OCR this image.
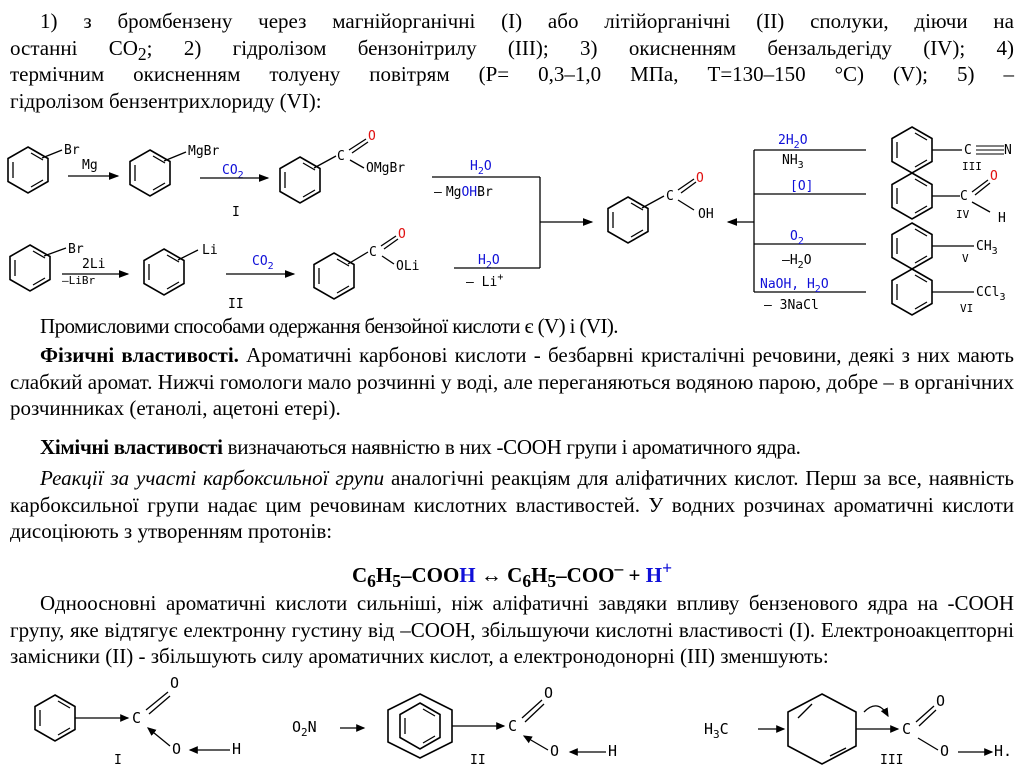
1) з бромбензену через магнійорганічні (I) або літійорганічні (II) сполуки, діючи на

останні $CO_2$; 2) гідролізом бензонітрилу (III); 3) окисненням бензальдегіду (IV); 4)

термічним окисненням толуену повітрям (P= 0,3–1,0 МПа, T=130–150 °C) (V); 5) –

гідролізом бензентрихлориду (VI):

Br
Mg
MgBr
$CO_2$
C
O
OMgBr
I
$H_2O$
– MgOHBr
Br
2Li
–LiBr
Li
$CO_2$
II
C
O
OLi	$H_2O$
– Li+
C
O
OH
$2H_2O$
$NH_3$
[O]
$O_2$
$-H_2O$
NaOH, $H_2O$
– 3NaCl
C N
III
C
O
H
IV
$CH_3$
V
CCl$_3$
VI

Промисловими способами одержання бензойної кислоти є (V) і (VI).

Фізичні властивості. Ароматичні карбонові кислоти - безбарвні кристалічні речовини, деякі з них мають слабкий аромат. Нижчі гомологи мало розчинні у воді, але переганяються водяною парою, добре – в органічних розчинниках (етанолі, ацетоні етері).

Хімічні властивості визначаються наявністю в них -COOH групи і ароматичного ядра.

Реакції за участі карбоксильної групи аналогічні реакціям для аліфатичних кислот. Перш за все, наявність карбоксильної групи надає цим речовинам кислотних властивостей. У водних розчинах ароматичні кислоти дисоціюють з утворенням протонів:

$C_6H_5$–COOH ↔ $C_6H_5-COO^- + H^+$

Одноосновні ароматичні кислоти сильніші, ніж аліфатичні завдяки впливу бензенового ядра на -COOH групу, яке відтягує електронну густину від –COOH, збільшуючи кислотні властивості (I). Електроноакцепторні замісники (II) - збільшують силу ароматичних кислот, а електронодонорні (III) зменшують:

C
O
O	H
I
$O_2N$	C
O
O	H
II
$H_3C$	C
O
O	H.
III
